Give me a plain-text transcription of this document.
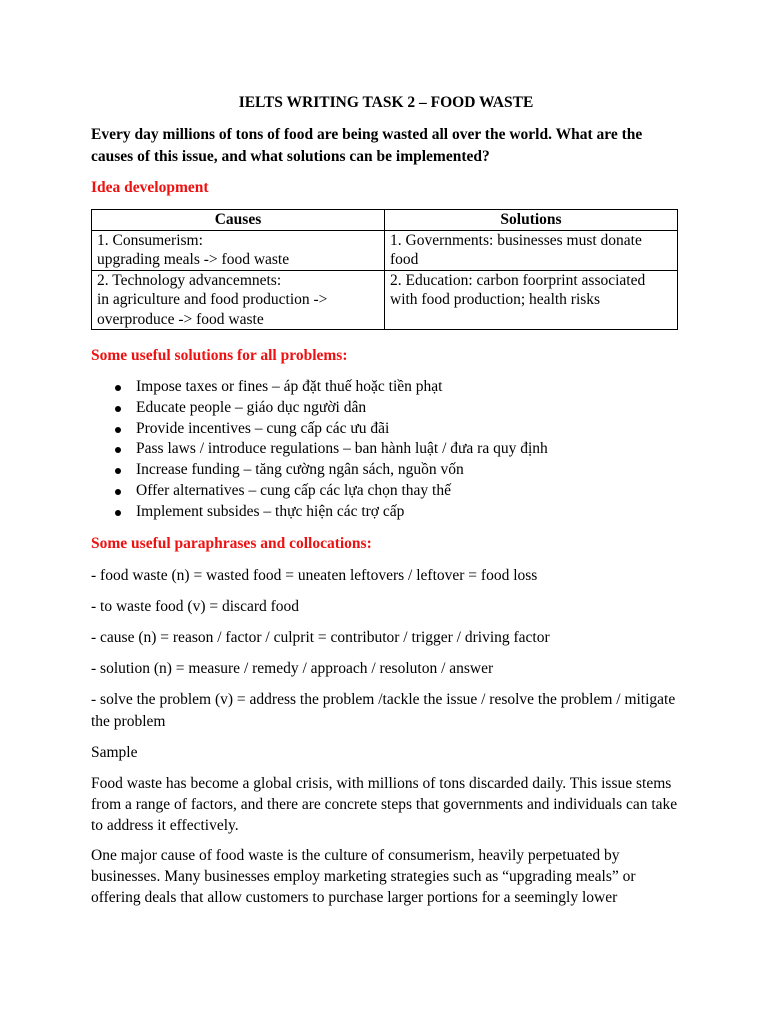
IELTS WRITING TASK 2 – FOOD WASTE
Every day millions of tons of food are being wasted all over the world. What are the causes of this issue, and what solutions can be implemented?
Idea development
Causes	Solutions

1. Consumerism:
upgrading meals -> food waste	1. Governments: businesses must donate food

2. Technology advancemnets:
in agriculture and food production ->
overproduce -> food waste	2. Education: carbon foorprint associated with food production; health risks
Some useful solutions for all problems:
Impose taxes or fines – áp đặt thuế hoặc tiền phạt
Educate people – giáo dục người dân
Provide incentives – cung cấp các ưu đãi
Pass laws / introduce regulations – ban hành luật / đưa ra quy định
Increase funding – tăng cường ngân sách, nguồn vốn
Offer alternatives – cung cấp các lựa chọn thay thế
Implement subsides – thực hiện các trợ cấp
Some useful paraphrases and collocations:

- food waste (n) = wasted food = uneaten leftovers / leftover = food loss

- to waste food (v) = discard food

- cause (n) = reason / factor / culprit = contributor / trigger / driving factor

- solution (n) = measure / remedy / approach / resoluton / answer

- solve the problem (v) = address the problem /tackle the issue / resolve the problem / mitigate the problem

Sample

Food waste has become a global crisis, with millions of tons discarded daily. This issue stems from a range of factors, and there are concrete steps that governments and individuals can take to address it effectively.

One major cause of food waste is the culture of consumerism, heavily perpetuated by businesses. Many businesses employ marketing strategies such as “upgrading meals” or offering deals that allow customers to purchase larger portions for a seemingly lower
